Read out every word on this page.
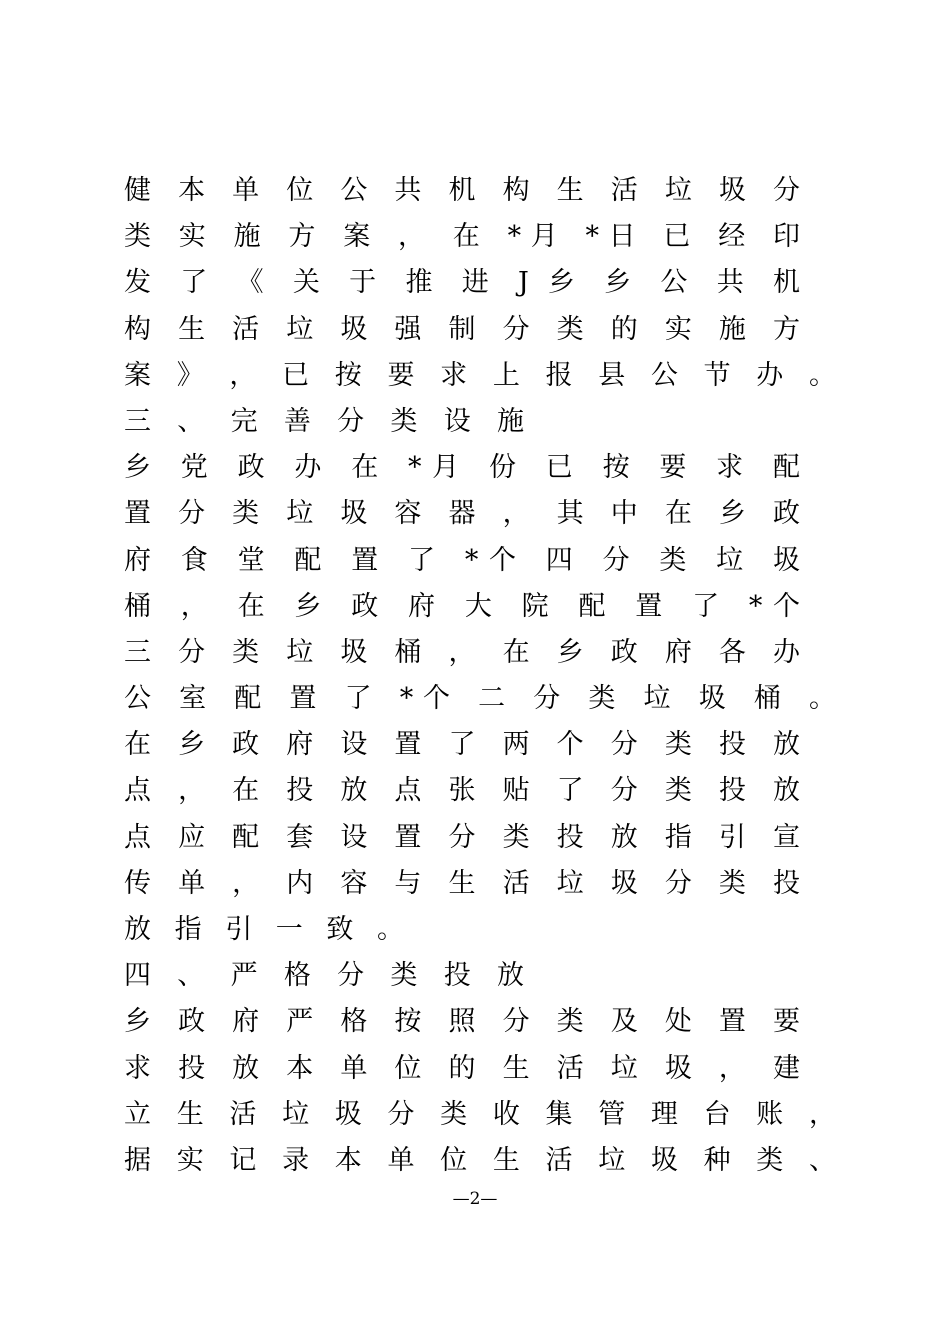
健 本 单 位 公 共 机 构 生 活 垃 圾 分
类 实 施 方 案 ， 在 *月 *日 已 经 印
发 了 《 关 于 推 进 J 乡 乡 公 共 机
构 生 活 垃 圾 强 制 分 类 的 实 施 方
案 》 ， 已 按 要 求 上 报 县 公 节 办 。
三 、 完 善 分 类 设 施
乡 党 政 办 在 *月 份 已 按 要 求 配
置 分 类 垃 圾 容 器 ， 其 中 在 乡 政
府 食 堂 配 置 了 *个 四 分 类 垃 圾
桶 ， 在 乡 政 府 大 院 配 置 了 *个
三 分 类 垃 圾 桶 ， 在 乡 政 府 各 办
公 室 配 置 了 *个 二 分 类 垃 圾 桶 。
在 乡 政 府 设 置 了 两 个 分 类 投 放
点 ， 在 投 放 点 张 贴 了 分 类 投 放
点 应 配 套 设 置 分 类 投 放 指 引 宣
传 单 ， 内 容 与 生 活 垃 圾 分 类 投
放 指 引 一 致 。
四 、 严 格 分 类 投 放
乡 政 府 严 格 按 照 分 类 及 处 置 要
求 投 放 本 单 位 的 生 活 垃 圾 ， 建
立 生 活 垃 圾 分 类 收 集 管 理 台 账 ，
据 实 记 录 本 单 位 生 活 垃 圾 种 类 、
—2—
